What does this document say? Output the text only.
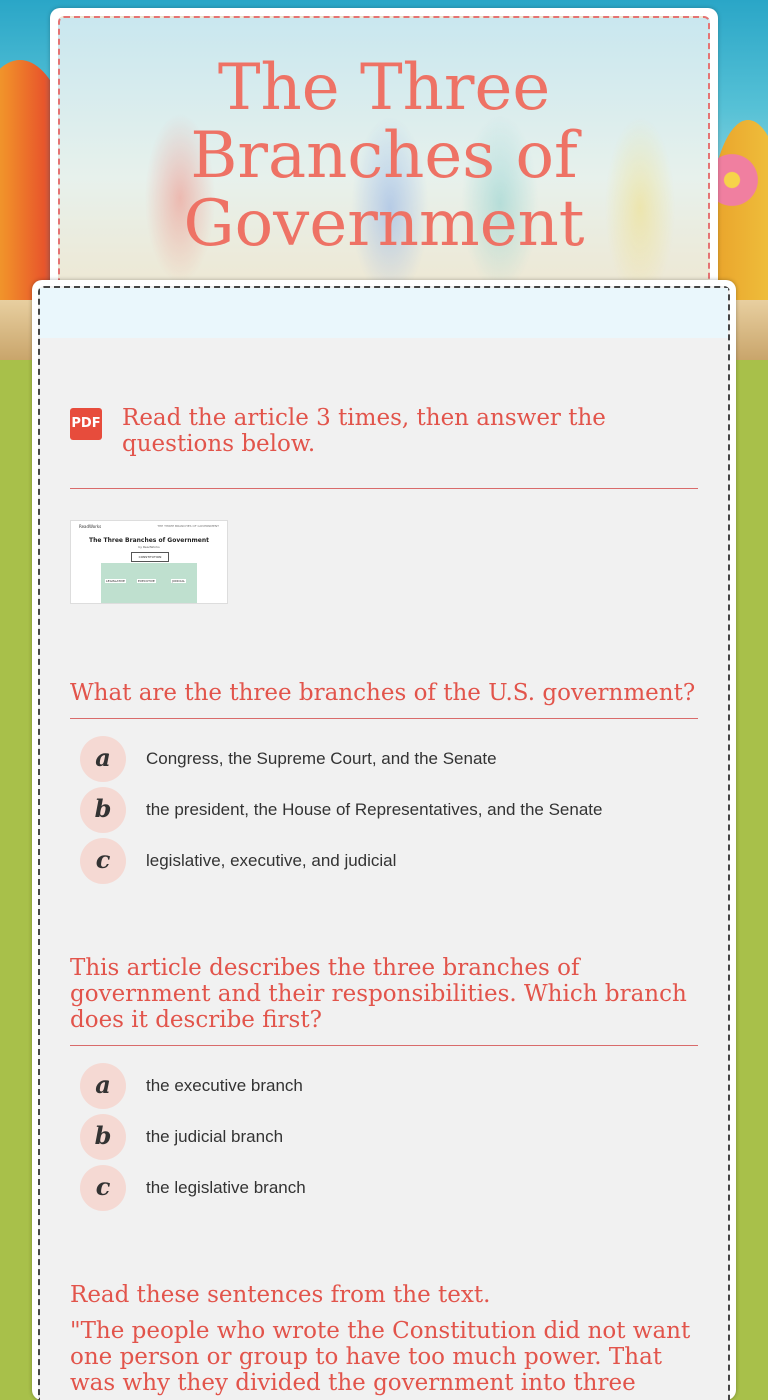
The Three Branches of Government
PDF Read the article 3 times, then answer the questions below.
ReadWorks	THE THREE BRANCHES OF GOVERNMENT
The Three Branches of Government
by ReadWorks
CONSTITUTION
LEGISLATIVE	EXECUTIVE	JUDICIAL
What are the three branches of the U.S. government?
a	Congress, the Supreme Court, and the Senate
b	the president, the House of Representatives, and the Senate
c	legislative, executive, and judicial
This article describes the three branches of government and their responsibilities. Which branch does it describe first?
a	the executive branch
b	the judicial branch
c	the legislative branch
Read these sentences from the text.
"The people who wrote the Constitution did not want one person or group to have too much power. That was why they divided the government into three
